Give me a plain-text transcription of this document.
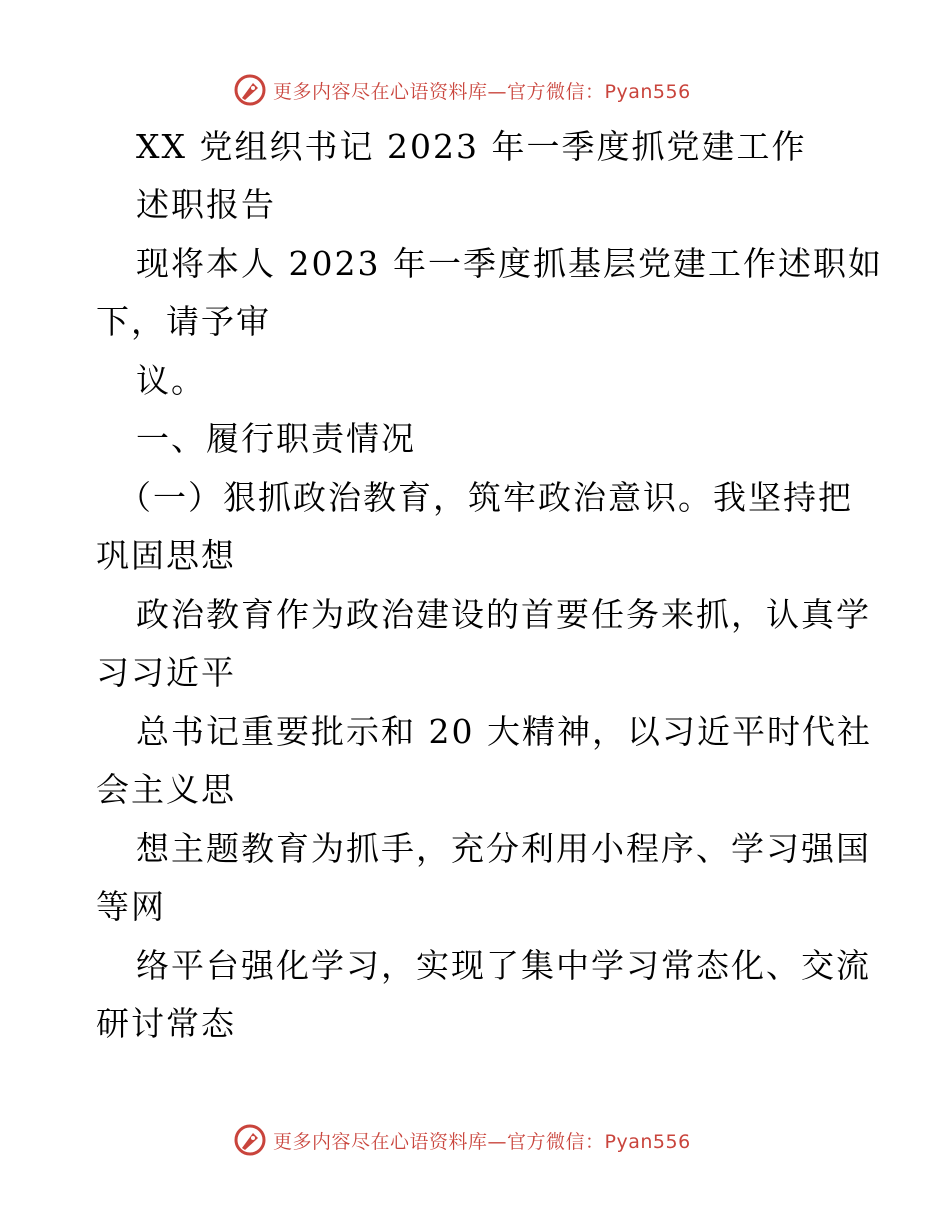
更多内容尽在心语资料库—官方微信：Pyan556
XX 党组织书记 2023 年一季度抓党建工作
述职报告
现将本人 2023 年一季度抓基层党建工作述职如
下，请予审
议。
一、履行职责情况
（一）狠抓政治教育，筑牢政治意识。我坚持把
巩固思想
政治教育作为政治建设的首要任务来抓，认真学
习习近平
总书记重要批示和 20 大精神，以习近平时代社
会主义思
想主题教育为抓手，充分利用小程序、学习强国
等网
络平台强化学习，实现了集中学习常态化、交流
研讨常态
更多内容尽在心语资料库—官方微信：Pyan556
